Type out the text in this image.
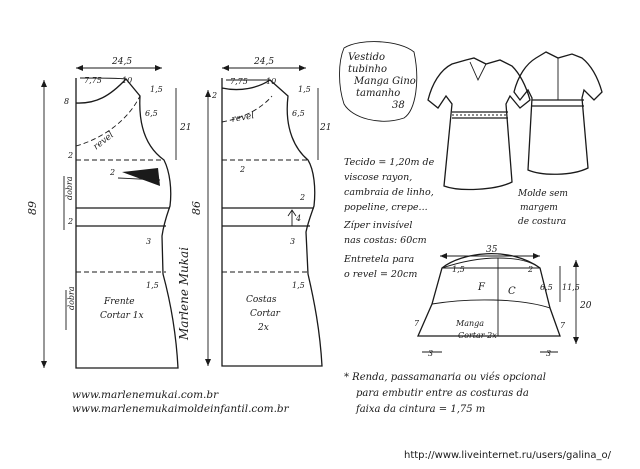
24,5
7,75	10
21
6,5
8
1,5
2
2
2
3
1,5
89
revel
dobra
dobra	Frente
Cortar 1x	Marlene Mukai
24,5
7,75 10
21
6,5
2
1,5
4
2
2
3
1,5
86
revel
Costas
Cortar
2x
Vestido
tubinho
Manga Gino
tamanho
38
Molde sem
margem
de costura
Tecido = 1,20m de
viscose rayon,
cambraia de linho,
popeline, crepe...
Zíper invisível
nas costas: 60cm
Entretela para
o revel = 20cm
35
20
11,5
1,5	2
6,5
7
7
3	3
F C
Manga
Cortar 2x
* Renda, passamanaria ou viés opcional
para embutir entre as costuras da
faixa da cintura = 1,75 m
www.marlenemukai.com.br
www.marlenemukaimoldeinfantil.com.br
http://www.liveinternet.ru/users/galina_o/
